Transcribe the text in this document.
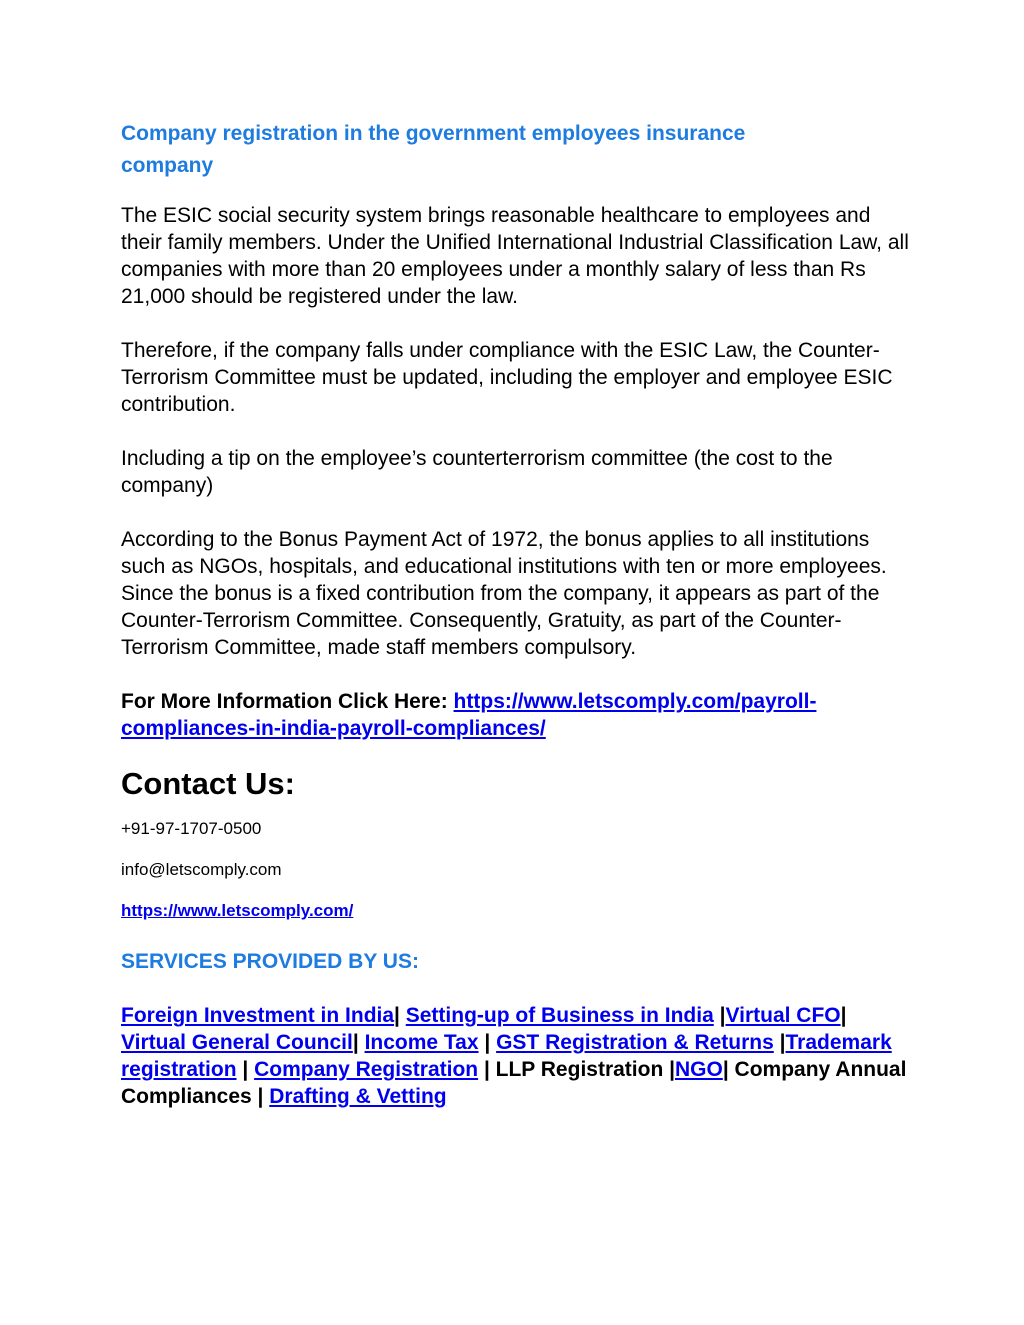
Company registration in the government employees insurance company

The ESIC social security system brings reasonable healthcare to employees and their family members. Under the Unified International Industrial Classification Law, all companies with more than 20 employees under a monthly salary of less than Rs 21,000 should be registered under the law.

Therefore, if the company falls under compliance with the ESIC Law, the Counter-Terrorism Committee must be updated, including the employer and employee ESIC contribution.

Including a tip on the employee’s counterterrorism committee (the cost to the company)

According to the Bonus Payment Act of 1972, the bonus applies to all institutions such as NGOs, hospitals, and educational institutions with ten or more employees. Since the bonus is a fixed contribution from the company, it appears as part of the Counter-Terrorism Committee. Consequently, Gratuity, as part of the Counter-Terrorism Committee, made staff members compulsory.

For More Information Click Here: https://www.letscomply.com/payroll-compliances-in-india-payroll-compliances/

Contact Us:
+91-97-1707-0500
info@letscomply.com
https://www.letscomply.com/
SERVICES PROVIDED BY US:

Foreign Investment in India| Setting-up of Business in India |Virtual CFO| Virtual General Council| Income Tax | GST Registration & Returns |Trademark registration | Company Registration | LLP Registration |NGO| Company Annual Compliances | Drafting & Vetting
